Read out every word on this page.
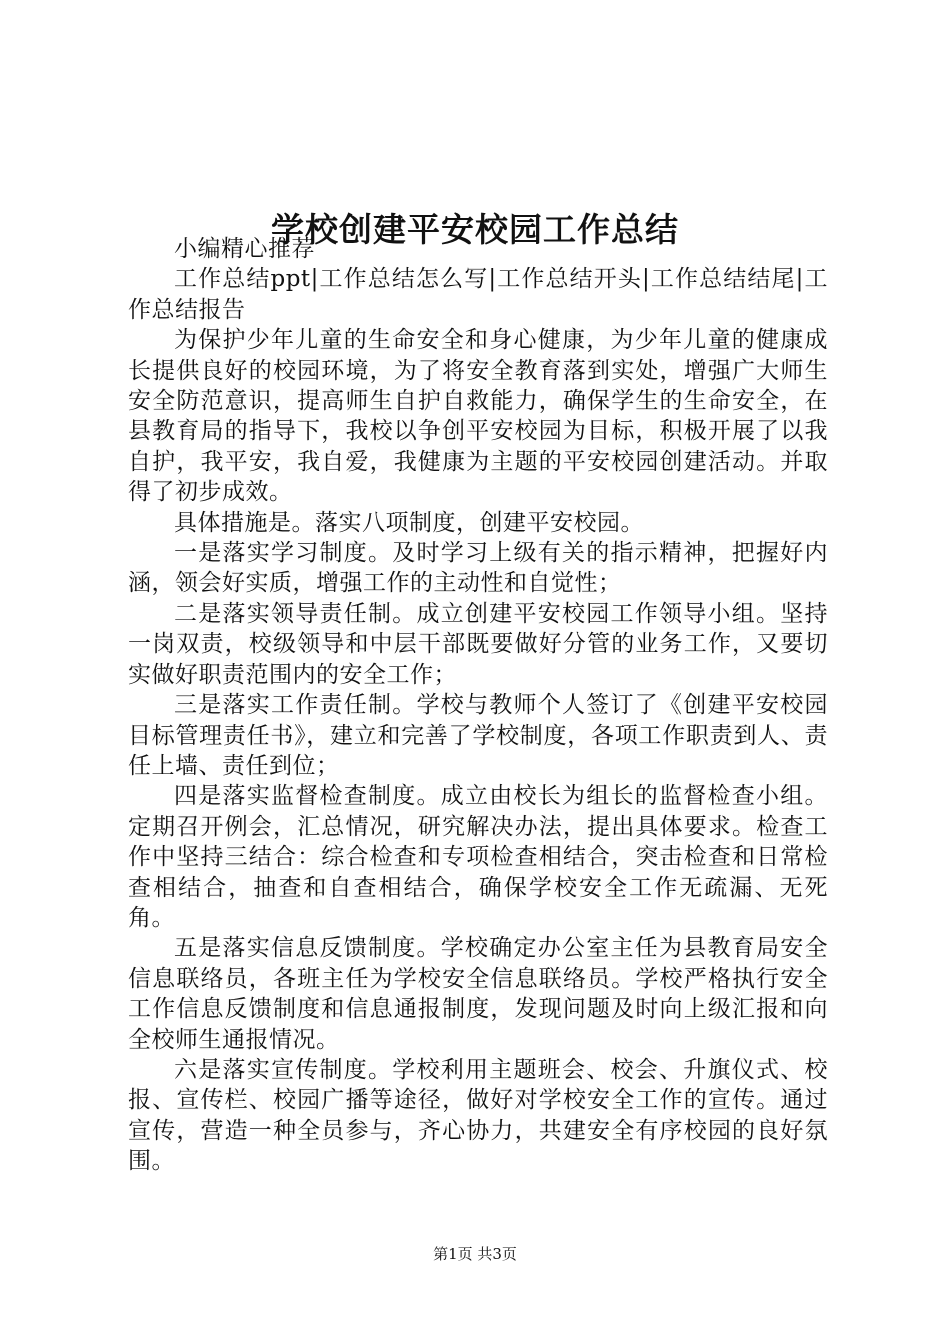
学校创建平安校园工作总结

小编精心推荐

工作总结ppt|工作总结怎么写|工作总结开头|工作总结结尾|工作总结报告

为保护少年儿童的生命安全和身心健康，为少年儿童的健康成长提供良好的校园环境，为了将安全教育落到实处，增强广大师生安全防范意识，提高师生自护自救能力，确保学生的生命安全，在县教育局的指导下，我校以争创平安校园为目标，积极开展了以我自护，我平安，我自爱，我健康为主题的平安校园创建活动。并取得了初步成效。

具体措施是。落实八项制度，创建平安校园。

一是落实学习制度。及时学习上级有关的指示精神，把握好内涵，领会好实质，增强工作的主动性和自觉性；

二是落实领导责任制。成立创建平安校园工作领导小组。坚持一岗双责，校级领导和中层干部既要做好分管的业务工作，又要切实做好职责范围内的安全工作；

三是落实工作责任制。学校与教师个人签订了《创建平安校园目标管理责任书》，建立和完善了学校制度，各项工作职责到人、责任上墙、责任到位；

四是落实监督检查制度。成立由校长为组长的监督检查小组。定期召开例会，汇总情况，研究解决办法，提出具体要求。检查工作中坚持三结合：综合检查和专项检查相结合，突击检查和日常检查相结合，抽查和自查相结合，确保学校安全工作无疏漏、无死角。

五是落实信息反馈制度。学校确定办公室主任为县教育局安全信息联络员，各班主任为学校安全信息联络员。学校严格执行安全工作信息反馈制度和信息通报制度，发现问题及时向上级汇报和向全校师生通报情况。

六是落实宣传制度。学校利用主题班会、校会、升旗仪式、校报、宣传栏、校园广播等途径，做好对学校安全工作的宣传。通过宣传，营造一种全员参与，齐心协力，共建安全有序校园的良好氛围。

第1页 共3页
